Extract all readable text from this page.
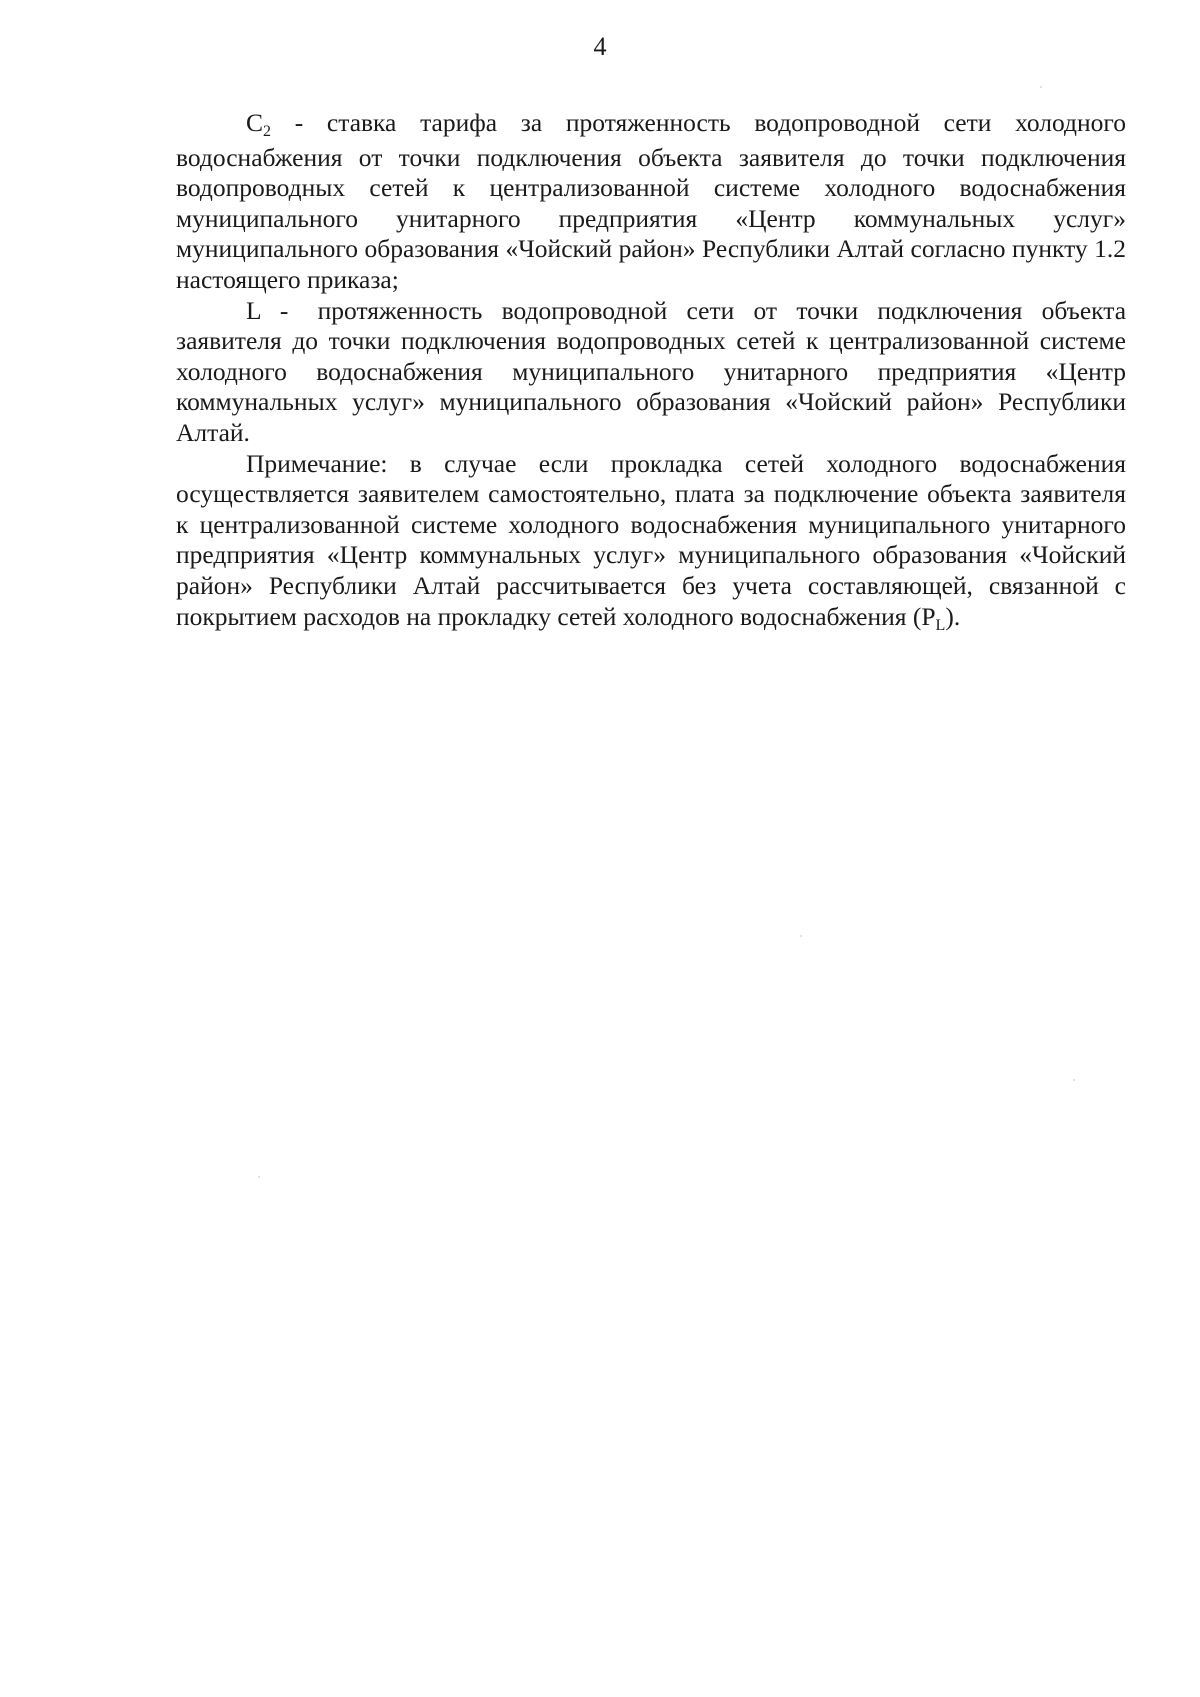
4

$C_2$ - ставка тарифа за протяженность водопроводной сети холодного водоснабжения от точки подключения объекта заявителя до точки подключения водопроводных сетей к централизованной системе холодного водоснабжения муниципального унитарного предприятия «Центр коммунальных услуг» муниципального образования «Чойский район» Республики Алтай согласно пункту 1.2 настоящего приказа;

L - протяженность водопроводной сети от точки подключения объекта заявителя до точки подключения водопроводных сетей к централизованной системе холодного водоснабжения муниципального унитарного предприятия «Центр коммунальных услуг» муниципального образования «Чойский район» Республики Алтай.

Примечание: в случае если прокладка сетей холодного водоснабжения осуществляется заявителем самостоятельно, плата за подключение объекта заявителя к централизованной системе холодного водоснабжения муниципального унитарного предприятия «Центр коммунальных услуг» муниципального образования «Чойский район» Республики Алтай рассчитывается без учета составляющей, связанной с покрытием расходов на прокладку сетей холодного водоснабжения $(P_L)$.
